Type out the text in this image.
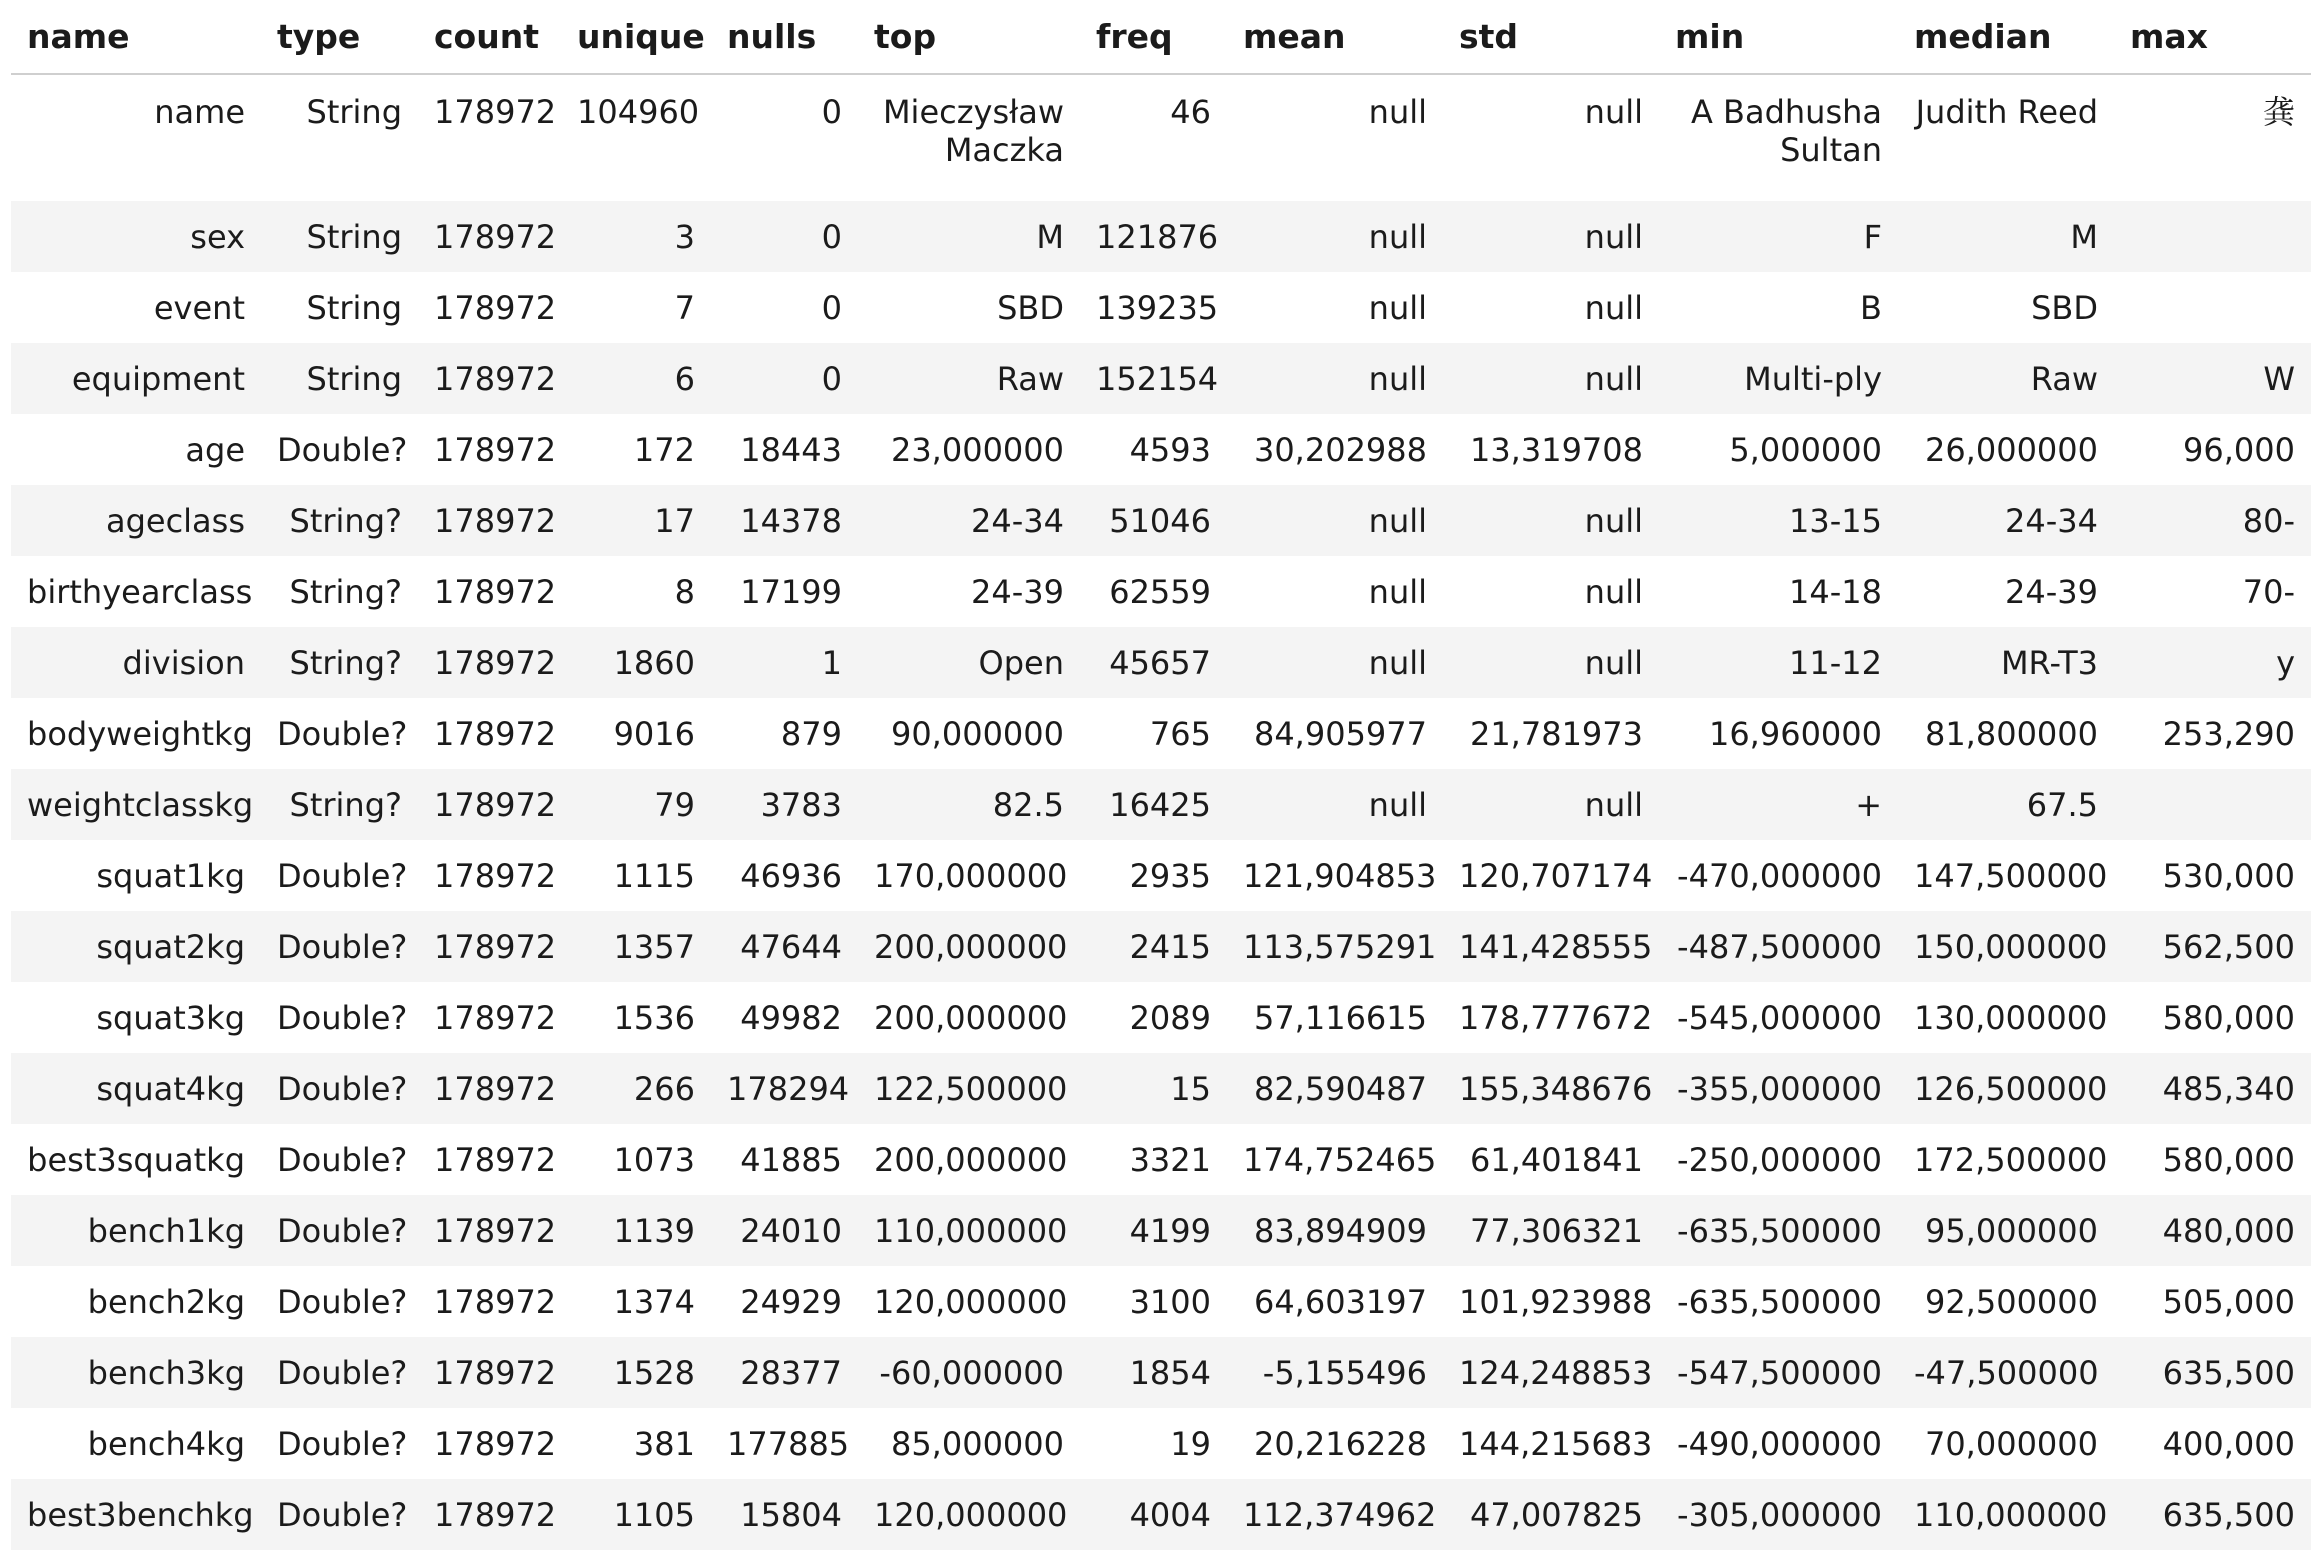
name	type	count	unique	nulls	top	freq	mean	std	min	median	max
name	String	178972	104960	0	Mieczysław Maczka	46	null	null	A Badhusha Sultan	Judith Reed	龚
sex	String	178972	3	0	M	121876	null	null	F	M	
event	String	178972	7	0	SBD	139235	null	null	B	SBD	
equipment	String	178972	6	0	Raw	152154	null	null	Multi-ply	Raw	W
age	Double?	178972	172	18443	23,000000	4593	30,202988	13,319708	5,000000	26,000000	96,000
ageclass	String?	178972	17	14378	24-34	51046	null	null	13-15	24-34	80-
birthyearclass	String?	178972	8	17199	24-39	62559	null	null	14-18	24-39	70-
division	String?	178972	1860	1	Open	45657	null	null	11-12	MR-T3	y
bodyweightkg	Double?	178972	9016	879	90,000000	765	84,905977	21,781973	16,960000	81,800000	253,290
weightclasskg	String?	178972	79	3783	82.5	16425	null	null	+	67.5	
squat1kg	Double?	178972	1115	46936	170,000000	2935	121,904853	120,707174	-470,000000	147,500000	530,000
squat2kg	Double?	178972	1357	47644	200,000000	2415	113,575291	141,428555	-487,500000	150,000000	562,500
squat3kg	Double?	178972	1536	49982	200,000000	2089	57,116615	178,777672	-545,000000	130,000000	580,000
squat4kg	Double?	178972	266	178294	122,500000	15	82,590487	155,348676	-355,000000	126,500000	485,340
best3squatkg	Double?	178972	1073	41885	200,000000	3321	174,752465	61,401841	-250,000000	172,500000	580,000
bench1kg	Double?	178972	1139	24010	110,000000	4199	83,894909	77,306321	-635,500000	95,000000	480,000
bench2kg	Double?	178972	1374	24929	120,000000	3100	64,603197	101,923988	-635,500000	92,500000	505,000
bench3kg	Double?	178972	1528	28377	-60,000000	1854	-5,155496	124,248853	-547,500000	-47,500000	635,500
bench4kg	Double?	178972	381	177885	85,000000	19	20,216228	144,215683	-490,000000	70,000000	400,000
best3benchkg	Double?	178972	1105	15804	120,000000	4004	112,374962	47,007825	-305,000000	110,000000	635,500
